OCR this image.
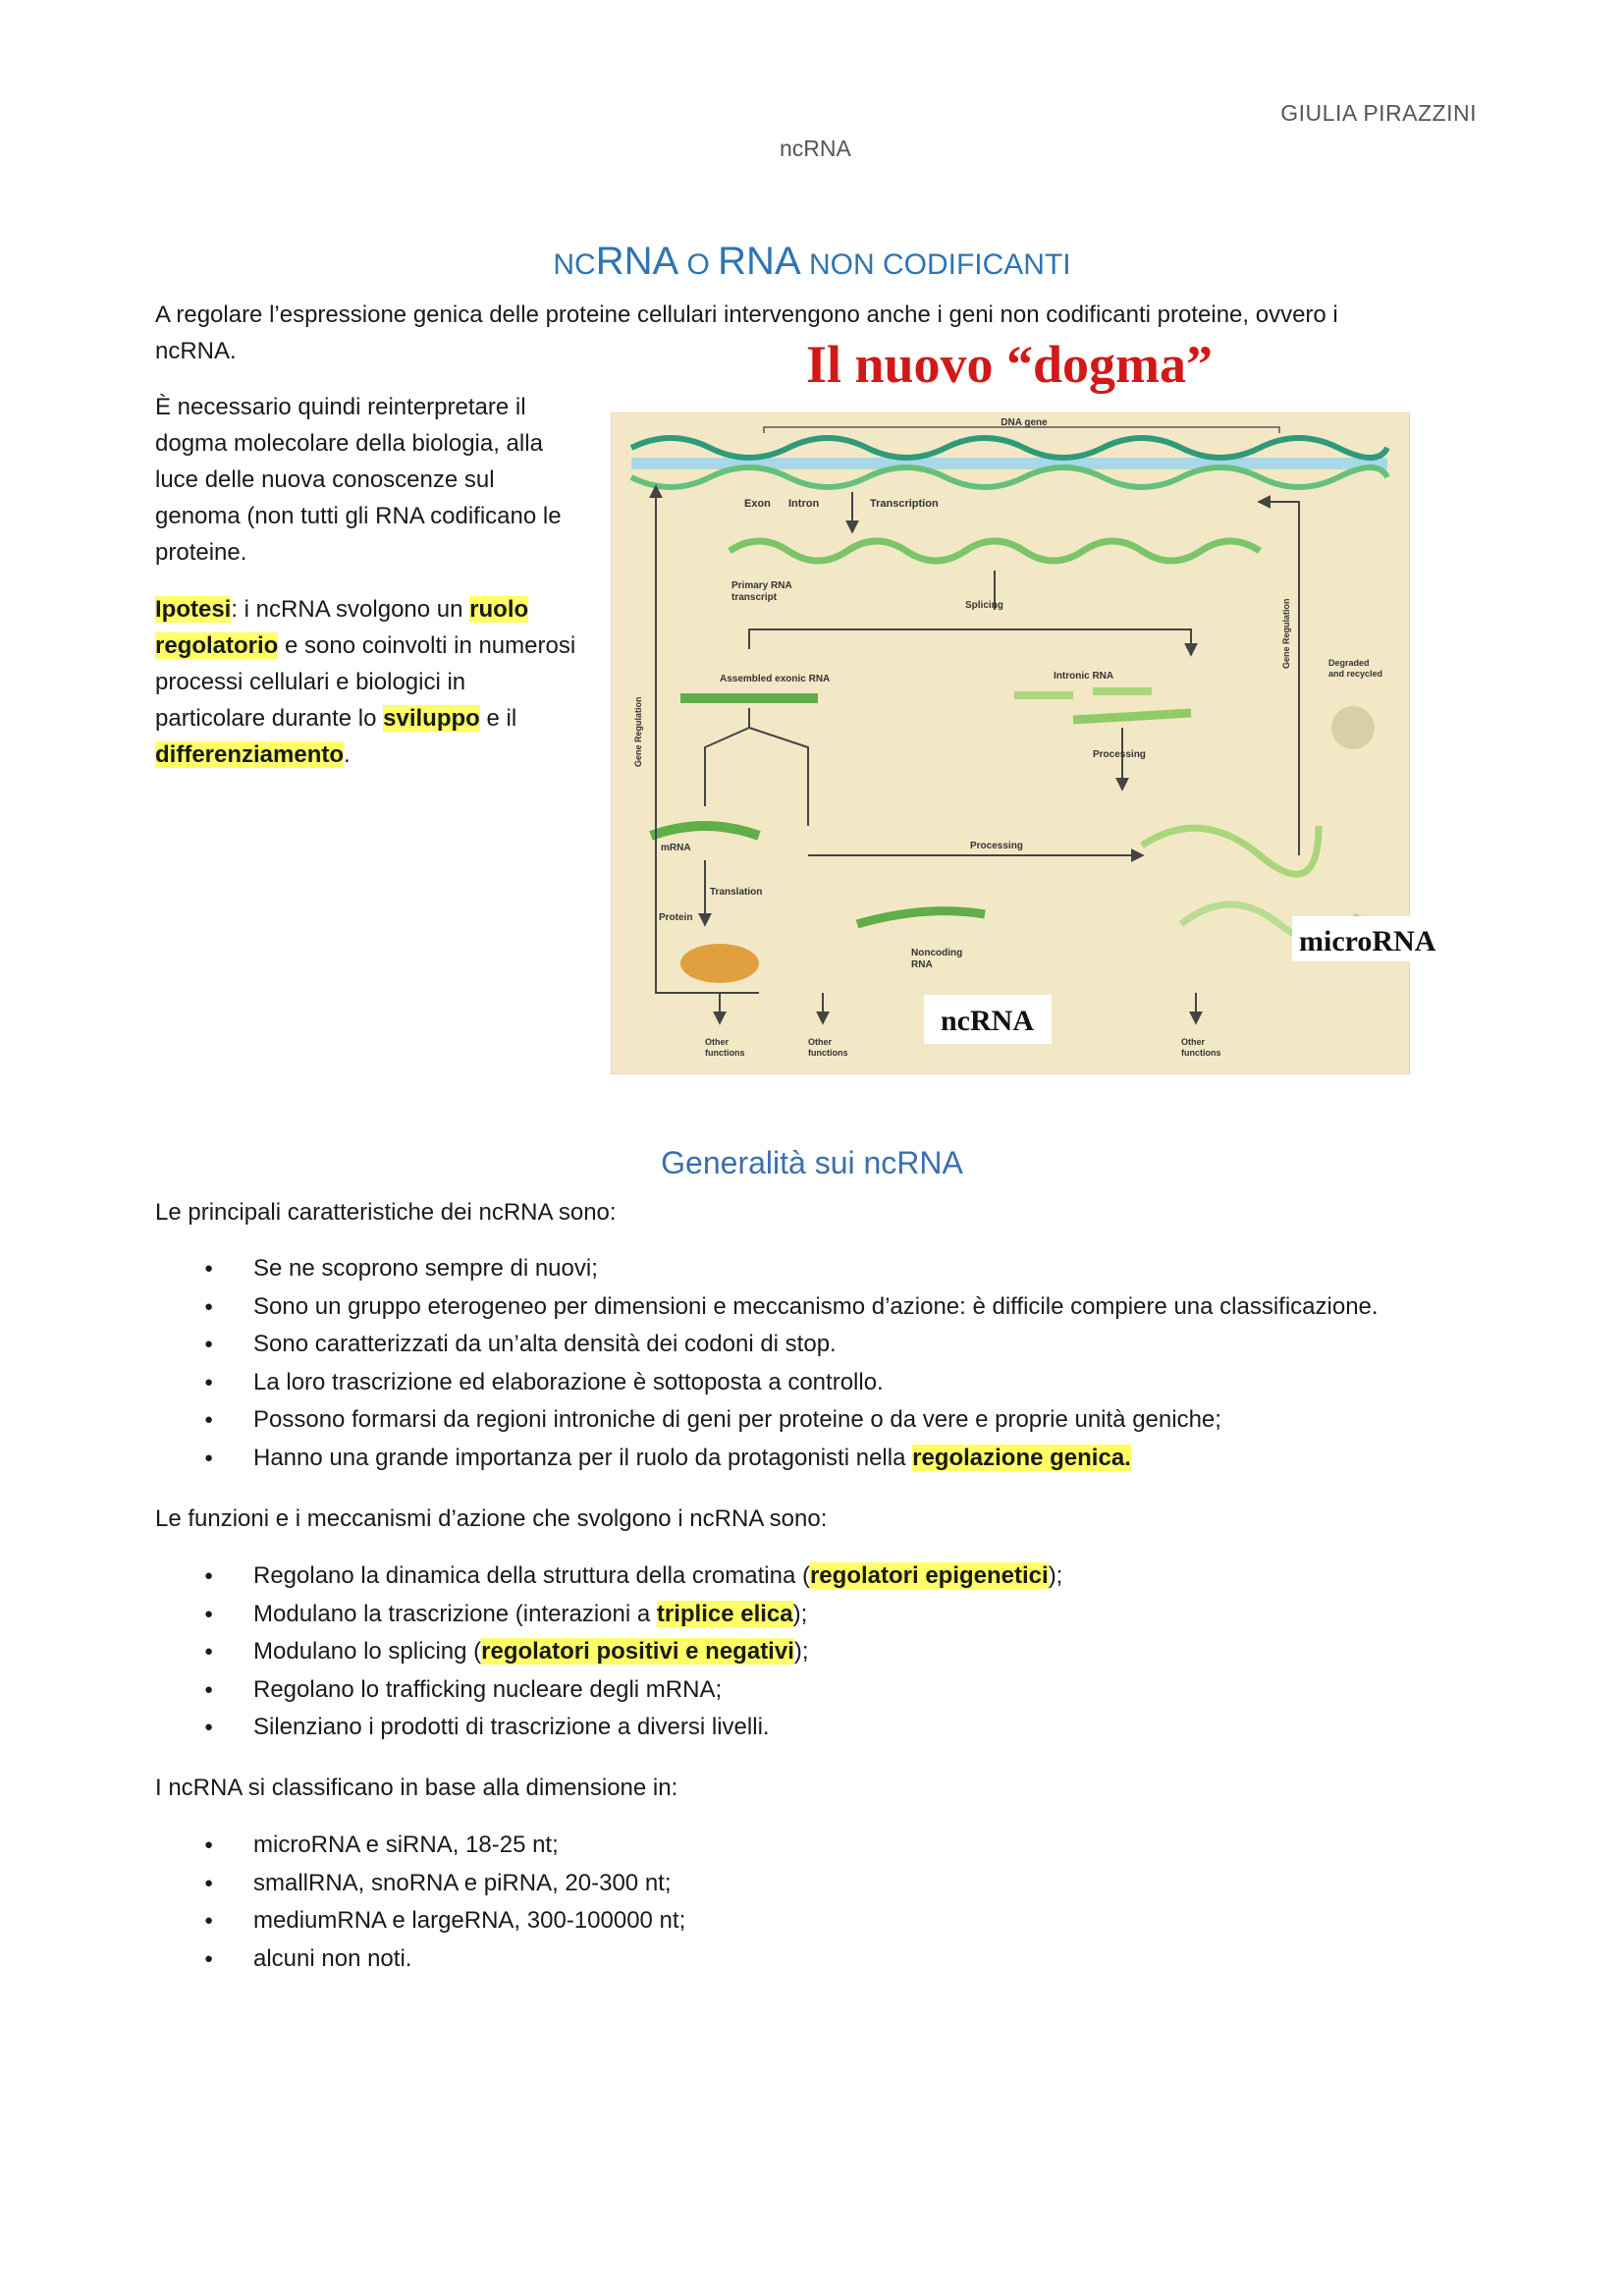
GIULIA PIRAZZINI
ncRNA
NCRNA O RNA NON CODIFICANTI
A regolare l’espressione genica delle proteine cellulari intervengono anche i geni non codificanti proteine, ovvero i ncRNA.
È necessario quindi reinterpretare il dogma molecolare della biologia, alla luce delle nuova conoscenze sul genoma (non tutti gli RNA codificano le proteine.
Ipotesi: i ncRNA svolgono un ruolo regolatorio e sono coinvolti in numerosi processi cellulari e biologici in particolare durante lo sviluppo e il differenziamento.
Il nuovo “dogma”
DNA gene
Exon Intron	Transcription
Primary RNA
transcript
Splicing
Assembled exonic RNA	Intronic RNA
Processing
mRNA
Translation
Protein
Processing
Noncoding
RNA
Degraded
and recycled
Gene Regulation
Gene Regulation
Other
functions
Other
functions
Other
functions
microRNA
ncRNA
Generalità sui ncRNA
Le principali caratteristiche dei ncRNA sono:
● Se ne scoprono sempre di nuovi;
● Sono un gruppo eterogeneo per dimensioni e meccanismo d’azione: è difficile compiere una classificazione.
● Sono caratterizzati da un’alta densità dei codoni di stop.
● La loro trascrizione ed elaborazione è sottoposta a controllo.
● Possono formarsi da regioni introniche di geni per proteine o da vere e proprie unità geniche;
● Hanno una grande importanza per il ruolo da protagonisti nella regolazione genica.
Le funzioni e i meccanismi d’azione che svolgono i ncRNA sono:
● Regolano la dinamica della struttura della cromatina (regolatori epigenetici);
● Modulano la trascrizione (interazioni a triplice elica);
● Modulano lo splicing (regolatori positivi e negativi);
● Regolano lo trafficking nucleare degli mRNA;
● Silenziano i prodotti di trascrizione a diversi livelli.
I ncRNA si classificano in base alla dimensione in:
● microRNA e siRNA, 18-25 nt;
● smallRNA, snoRNA e piRNA, 20-300 nt;
● mediumRNA e largeRNA, 300-100000 nt;
● alcuni non noti.
